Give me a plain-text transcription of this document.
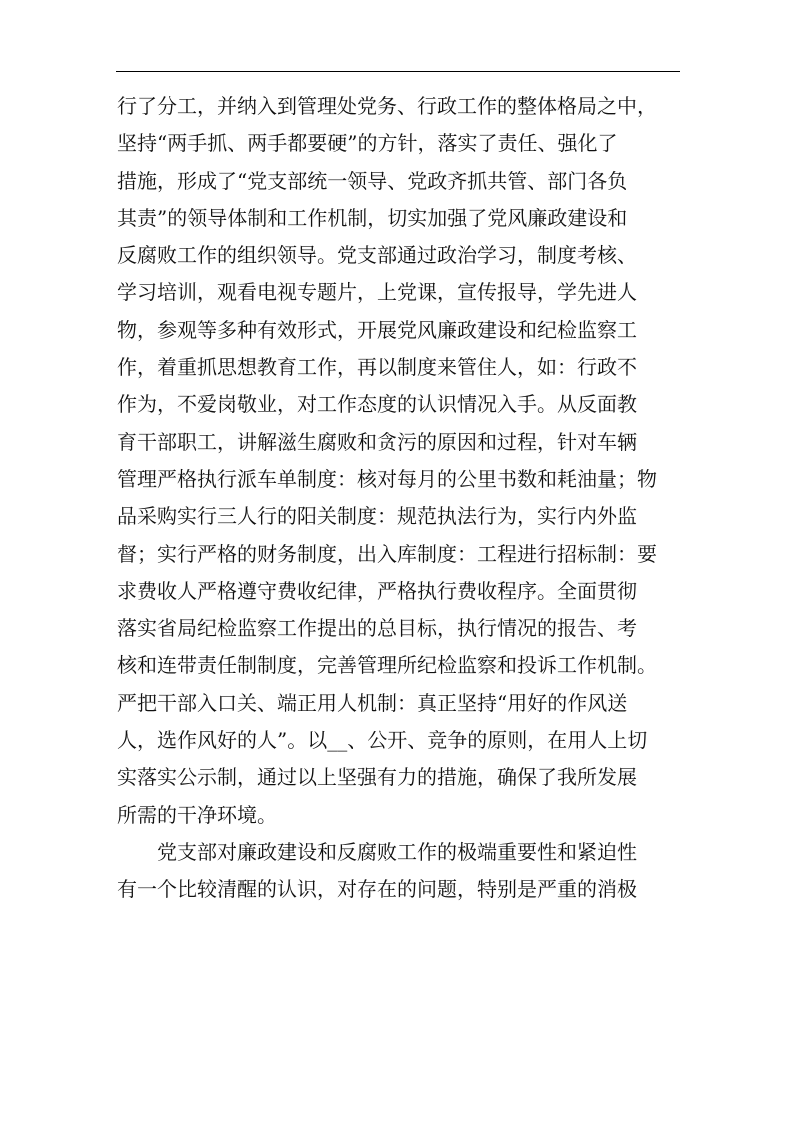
行了分工，并纳入到管理处党务、行政工作的整体格局之中，
坚持“两手抓、两手都要硬”的方针，落实了责任、强化了
措施，形成了“党支部统一领导、党政齐抓共管、部门各负
其责”的领导体制和工作机制，切实加强了党风廉政建设和
反腐败工作的组织领导。党支部通过政治学习，制度考核、
学习培训，观看电视专题片，上党课，宣传报导，学先进人
物，参观等多种有效形式，开展党风廉政建设和纪检监察工
作，着重抓思想教育工作，再以制度来管住人，如：行政不
作为，不爱岗敬业，对工作态度的认识情况入手。从反面教
育干部职工，讲解滋生腐败和贪污的原因和过程，针对车辆
管理严格执行派车单制度：核对每月的公里书数和耗油量；物
品采购实行三人行的阳关制度：规范执法行为，实行内外监
督；实行严格的财务制度，出入库制度：工程进行招标制：要
求费收人严格遵守费收纪律，严格执行费收程序。全面贯彻
落实省局纪检监察工作提出的总目标，执行情况的报告、考
核和连带责任制制度，完善管理所纪检监察和投诉工作机制。
严把干部入口关、端正用人机制：真正坚持“用好的作风送
人，选作风好的人”。以__、公开、竞争的原则，在用人上切
实落实公示制，通过以上坚强有力的措施，确保了我所发展
所需的干净环境。
党支部对廉政建设和反腐败工作的极端重要性和紧迫性
有一个比较清醒的认识，对存在的问题，特别是严重的消极
